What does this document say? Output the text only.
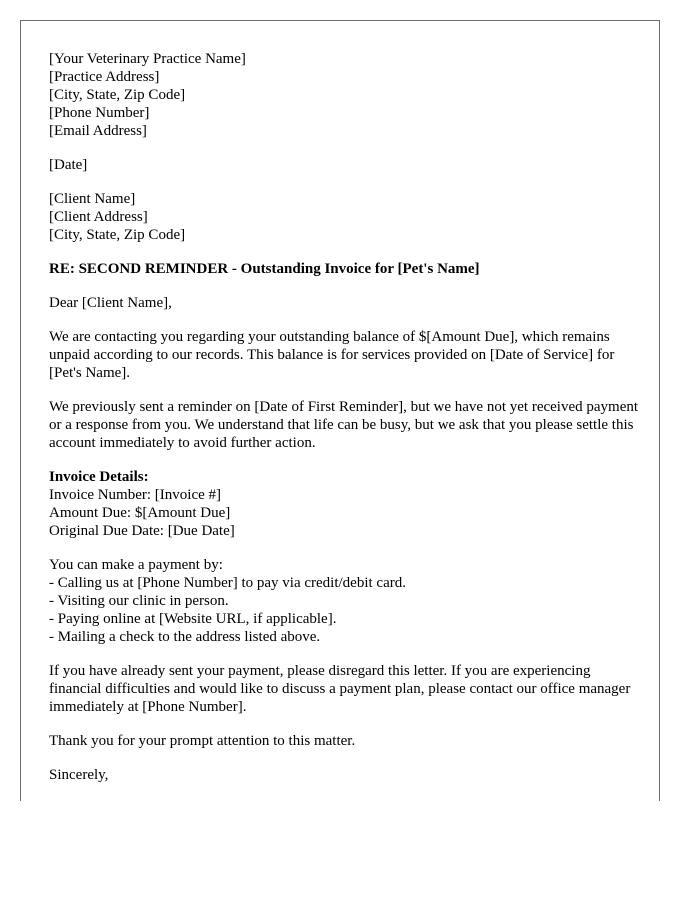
[Your Veterinary Practice Name]
[Practice Address]
[City, State, Zip Code]
[Phone Number]
[Email Address]
[Date]
[Client Name]
[Client Address]
[City, State, Zip Code]
RE: SECOND REMINDER - Outstanding Invoice for [Pet's Name]
Dear [Client Name],

We are contacting you regarding your outstanding balance of $[Amount Due], which remains unpaid according to our records. This balance is for services provided on [Date of Service] for [Pet's Name].

We previously sent a reminder on [Date of First Reminder], but we have not yet received payment or a response from you. We understand that life can be busy, but we ask that you please settle this account immediately to avoid further action.

Invoice Details:
Invoice Number: [Invoice #]
Amount Due: $[Amount Due]
Original Due Date: [Due Date]
You can make a payment by:
- Calling us at [Phone Number] to pay via credit/debit card.
- Visiting our clinic in person.
- Paying online at [Website URL, if applicable].
- Mailing a check to the address listed above.

If you have already sent your payment, please disregard this letter. If you are experiencing financial difficulties and would like to discuss a payment plan, please contact our office manager immediately at [Phone Number].

Thank you for your prompt attention to this matter.
Sincerely,
